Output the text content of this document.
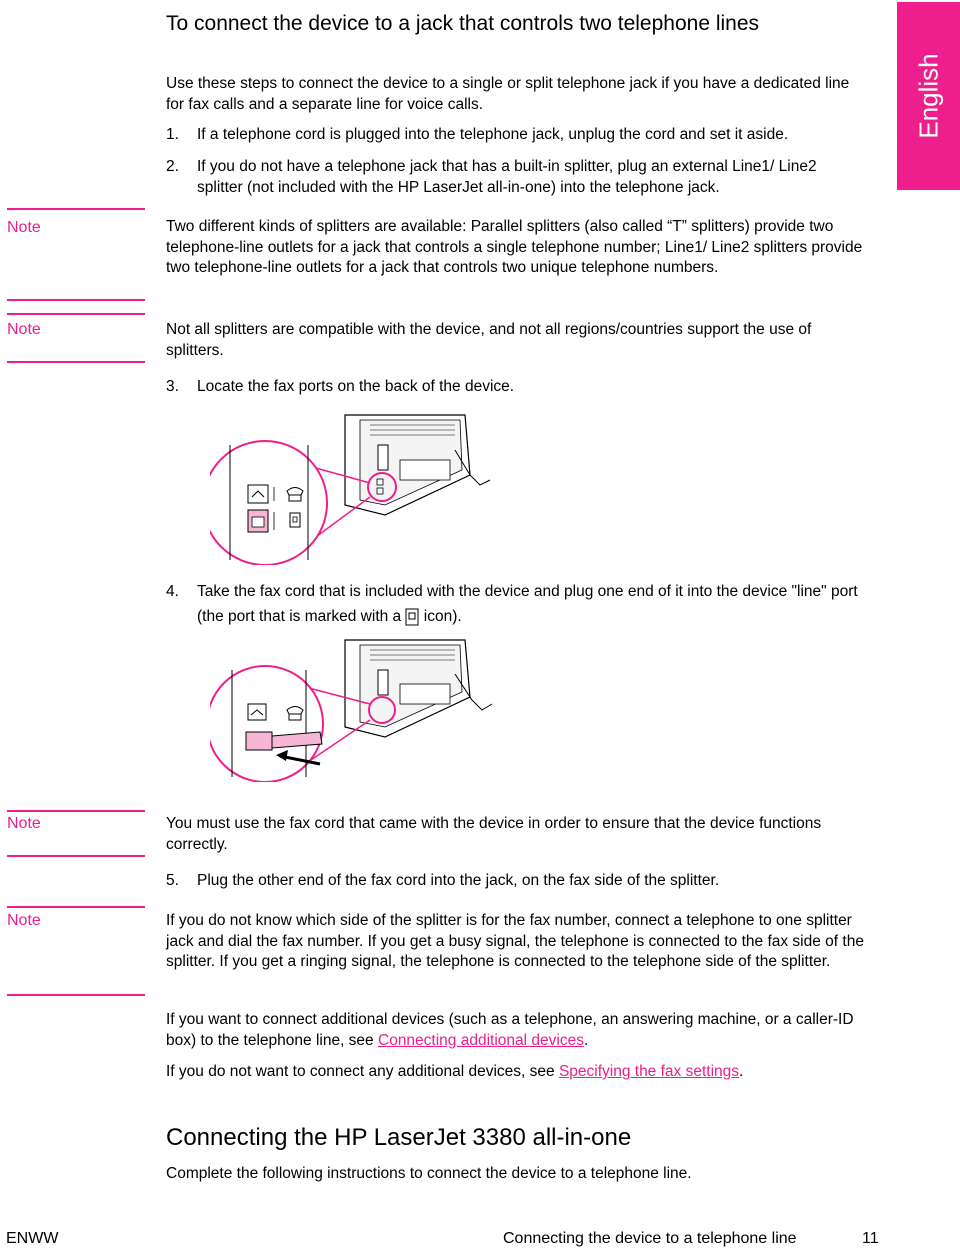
To connect the device to a jack that controls two telephone lines
English
Use these steps to connect the device to a single or split telephone jack if you have a dedicated line for fax calls and a separate line for voice calls.
1. If a telephone cord is plugged into the telephone jack, unplug the cord and set it aside.
2. If you do not have a telephone jack that has a built-in splitter, plug an external Line1/ Line2 splitter (not included with the HP LaserJet all-in-one) into the telephone jack.
Note	Two different kinds of splitters are available: Parallel splitters (also called “T” splitters) provide two telephone-line outlets for a jack that controls a single telephone number; Line1/ Line2 splitters provide two telephone-line outlets for a jack that controls two unique telephone numbers.
Note	Not all splitters are compatible with the device, and not all regions/countries support the use of splitters.
3. Locate the fax ports on the back of the device.
4. Take the fax cord that is included with the device and plug one end of it into the device "line" port (the port that is marked with a icon).
Note	You must use the fax cord that came with the device in order to ensure that the device functions correctly.
5. Plug the other end of the fax cord into the jack, on the fax side of the splitter.
Note	If you do not know which side of the splitter is for the fax number, connect a telephone to one splitter jack and dial the fax number. If you get a busy signal, the telephone is connected to the fax side of the splitter. If you get a ringing signal, the telephone is connected to the telephone side of the splitter.
If you want to connect additional devices (such as a telephone, an answering machine, or a caller-ID box) to the telephone line, see Connecting additional devices.
If you do not want to connect any additional devices, see Specifying the fax settings.
Connecting the HP LaserJet 3380 all-in-one
Complete the following instructions to connect the device to a telephone line.
ENWW	Connecting the device to a telephone line	11
